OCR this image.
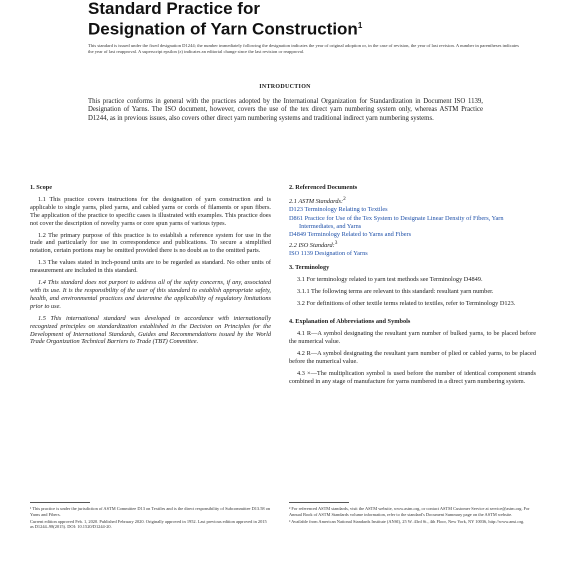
Standard Practice for
Designation of Yarn Construction$^1$
This standard is issued under the fixed designation D1244; the number immediately following the designation indicates the year of original adoption or, in the case of revision, the year of last revision. A number in parentheses indicates the year of last reapproval. A superscript epsilon (ε) indicates an editorial change since the last revision or reapproval.
INTRODUCTION
This practice conforms in general with the practices adopted by the International Organization for Standardization in Document ISO 1139, Designation of Yarns. The ISO document, however, covers the use of the tex direct yarn numbering system only, whereas ASTM Practice D1244, as in previous issues, also covers other direct yarn numbering systems and traditional indirect yarn numbering systems.
1. Scope
1.1 This practice covers instructions for the designation of yarn construction and is applicable to single yarns, plied yarns, and cabled yarns or cords of filaments or spun fibers. The application of the practice to specific cases is illustrated with examples. This practice does not cover the description of novelty yarns or core spun yarns of various types.
1.2 The primary purpose of this practice is to establish a reference system for use in the trade and particularly for use in correspondence and publications. To secure a simplified notation, certain portions may be omitted provided there is no doubt as to the omitted parts.
1.3 The values stated in inch-pound units are to be regarded as standard. No other units of measurement are included in this standard.
1.4 This standard does not purport to address all of the safety concerns, if any, associated with its use. It is the responsibility of the user of this standard to establish appropriate safety, health, and environmental practices and determine the applicability of regulatory limitations prior to use.
1.5 This international standard was developed in accordance with internationally recognized principles on standardization established in the Decision on Principles for the Development of International Standards, Guides and Recommendations issued by the World Trade Organization Technical Barriers to Trade (TBT) Committee.
2. Referenced Documents
2.1 ASTM Standards:$^2$
D123 Terminology Relating to Textiles
D861 Practice for Use of the Tex System to Designate Linear Density of Fibers, Yarn Intermediates, and Yarns
D4849 Terminology Related to Yarns and Fibers
2.2 ISO Standard:$^3$
ISO 1139 Designation of Yarns
3. Terminology
3.1 For terminology related to yarn test methods see Terminology D4849.
3.1.1 The following terms are relevant to this standard: resultant yarn number.
3.2 For definitions of other textile terms related to textiles, refer to Terminology D123.
4. Explanation of Abbreviations and Symbols
4.1 R—A symbol designating the resultant yarn number of bulked yarns, to be placed before the numerical value.
4.2 R—A symbol designating the resultant yarn number of plied or cabled yarns, to be placed before the numerical value.
4.3 ×—The multiplication symbol is used before the number of identical component strands combined in any stage of manufacture for yarns numbered in a direct yarn numbering system.

¹ This practice is under the jurisdiction of ASTM Committee D13 on Textiles and is the direct responsibility of Subcommittee D13.58 on Yarns and Fibers.

Current edition approved Feb. 1, 2020. Published February 2020. Originally approved in 1952. Last previous edition approved in 2015 as D1244–98(2015). DOI: 10.1520/D1244-20.

² For referenced ASTM standards, visit the ASTM website, www.astm.org, or contact ASTM Customer Service at service@astm.org. For Annual Book of ASTM Standards volume information, refer to the standard's Document Summary page on the ASTM website.

³ Available from American National Standards Institute (ANSI), 25 W. 43rd St., 4th Floor, New York, NY 10036, http://www.ansi.org.
